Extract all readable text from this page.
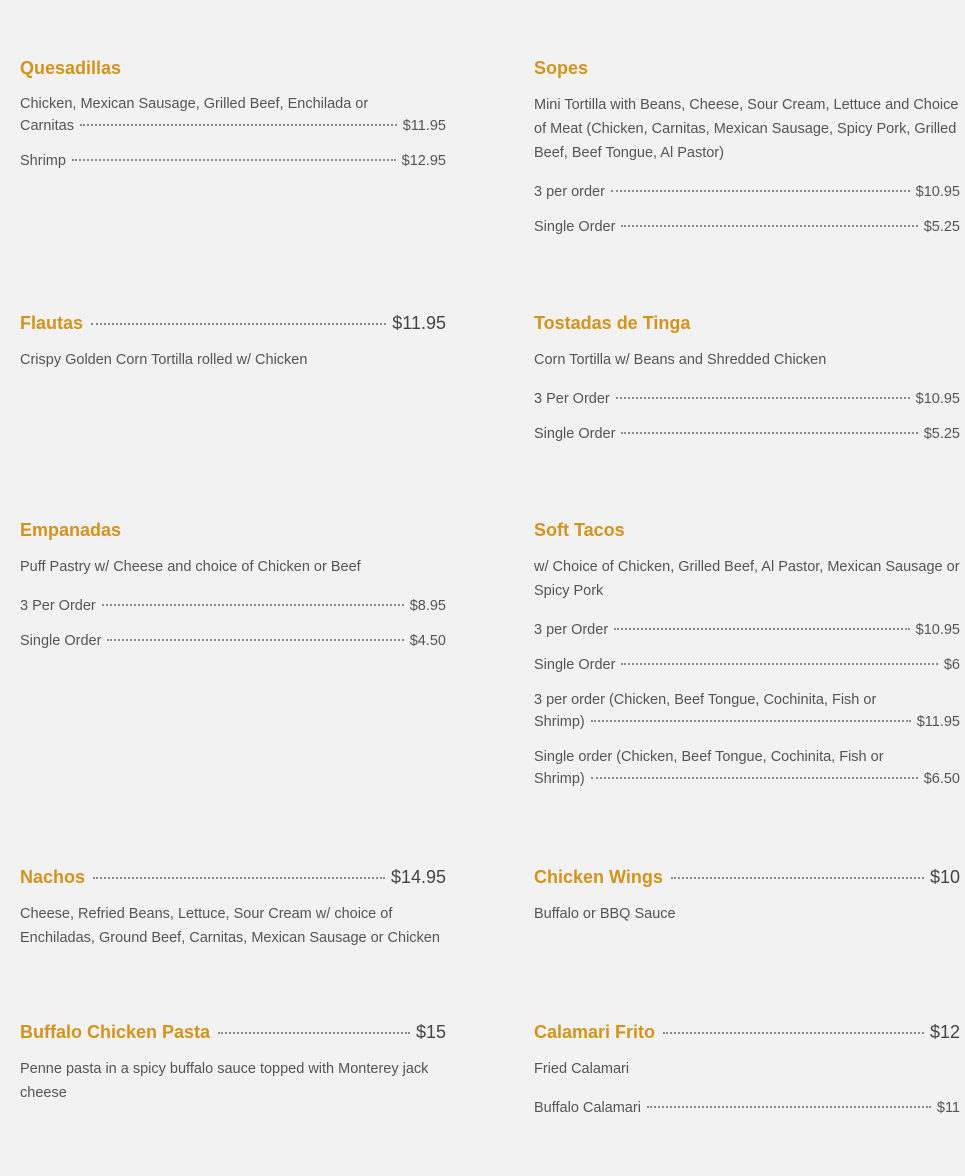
Quesadillas
Chicken, Mexican Sausage, Grilled Beef, Enchilada or
Carnitas	$11.95
Shrimp	$12.95
Sopes
Mini Tortilla with Beans, Cheese, Sour Cream, Lettuce and Choice of Meat (Chicken, Carnitas, Mexican Sausage, Spicy Pork, Grilled Beef, Beef Tongue, Al Pastor)
3 per order	$10.95
Single Order	$5.25
Flautas	$11.95
Crispy Golden Corn Tortilla rolled w/ Chicken
Tostadas de Tinga
Corn Tortilla w/ Beans and Shredded Chicken
3 Per Order	$10.95
Single Order	$5.25
Empanadas
Puff Pastry w/ Cheese and choice of Chicken or Beef
3 Per Order	$8.95
Single Order	$4.50
Soft Tacos
w/ Choice of Chicken, Grilled Beef, Al Pastor, Mexican Sausage or Spicy Pork
3 per Order	$10.95
Single Order	$6
3 per order (Chicken, Beef Tongue, Cochinita, Fish or
Shrimp)	$11.95
Single order (Chicken, Beef Tongue, Cochinita, Fish or
Shrimp)	$6.50
Nachos	$14.95
Cheese, Refried Beans, Lettuce, Sour Cream w/ choice of Enchiladas, Ground Beef, Carnitas, Mexican Sausage or Chicken
Chicken Wings	$10
Buffalo or BBQ Sauce
Buffalo Chicken Pasta	$15
Penne pasta in a spicy buffalo sauce topped with Monterey jack cheese
Calamari Frito	$12
Fried Calamari
Buffalo Calamari	$11
